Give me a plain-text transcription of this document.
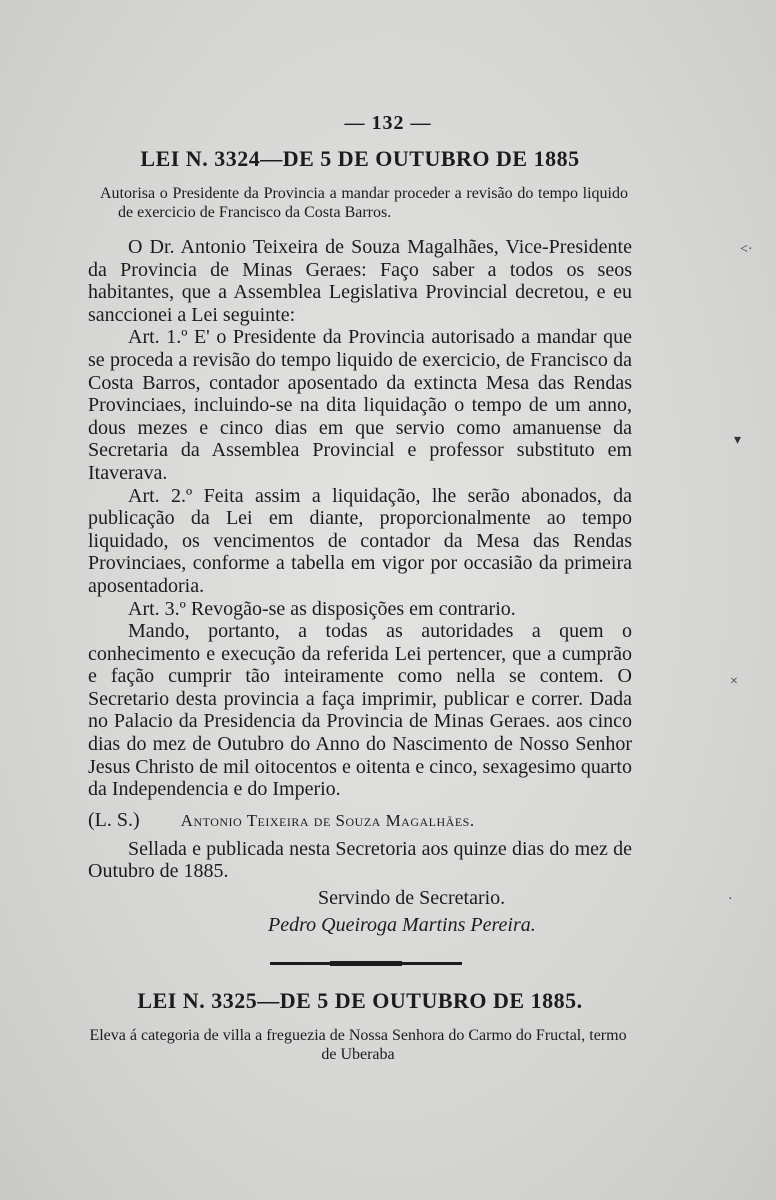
— 132 —
LEI N. 3324—DE 5 DE OUTUBRO DE 1885
Autorisa o Presidente da Provincia a mandar proceder a revisão do tempo liquido de exercicio de Francisco da Costa Barros.

O Dr. Antonio Teixeira de Souza Magalhães, Vice-Presidente da Provincia de Minas Geraes: Faço saber a todos os seos habitantes, que a Assemblea Legislativa Provincial decretou, e eu sanccionei a Lei seguinte:

Art. 1.º E' o Presidente da Provincia autorisado a mandar que se proceda a revisão do tempo liquido de exercicio, de Francisco da Costa Barros, contador aposentado da extincta Mesa das Rendas Provinciaes, incluindo-se na dita liquidação o tempo de um anno, dous mezes e cinco dias em que servio como amanuense da Secretaria da Assemblea Provincial e professor substituto em Itaverava.

Art. 2.º Feita assim a liquidação, lhe serão abonados, da publicação da Lei em diante, proporcionalmente ao tempo liquidado, os vencimentos de contador da Mesa das Rendas Provinciaes, conforme a tabella em vigor por occasião da primeira aposentadoria.

Art. 3.º Revogão-se as disposições em contrario.

Mando, portanto, a todas as autoridades a quem o conhecimento e execução da referida Lei pertencer, que a cumprão e fação cumprir tão inteiramente como nella se contem. O Secretario desta provincia a faça imprimir, publicar e correr. Dada no Palacio da Presidencia da Provincia de Minas Geraes. aos cinco dias do mez de Outubro do Anno do Nascimento de Nosso Senhor Jesus Christo de mil oitocentos e oitenta e cinco, sexagesimo quarto da Independencia e do Imperio.

(L. S.) Antonio Teixeira de Souza Magalhães.

Sellada e publicada nesta Secretoria aos quinze dias do mez de Outubro de 1885.

Servindo de Secretario.
Pedro Queiroga Martins Pereira.
LEI N. 3325—DE 5 DE OUTUBRO DE 1885.
Eleva á categoria de villa a freguezia de Nossa Senhora do Carmo do Fructal, termo de Uberaba
˂·
▾
×
·
